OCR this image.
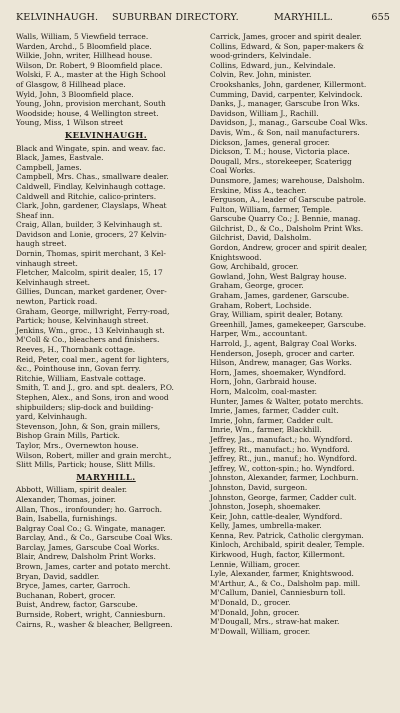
KELVINHAUGH. SUBURBAN DIRECTORY.	MARYHILL.	655

Walls, William, 5 Viewfield terrace.

Warden, Archd., 5 Bloomfield place.

Wilkie, John, writer, Hillhead house.

Wilson, Dr. Robert, 9 Bloomfield place.

Wolski, F. A., master at the High School

of Glasgow, 8 Hillhead place.

Wyld, John, 3 Bloomfield place.

Young, John, provision merchant, South

Woodside; house, 4 Wellington street.

Young, Miss, 1 Wilson street

KELVINHAUGH.

Black and Wingate, spin. and weav. fac.

Black, James, Eastvale.

Campbell, James.

Campbell, Mrs. Chas., smallware dealer.

Caldwell, Findlay, Kelvinhaugh cottage.

Caldwell and Ritchie, calico-printers.

Clark, John, gardener, Clayslaps, Wheat

Sheaf inn.

Craig, Allan, builder, 3 Kelvinhaugh st.

Davidson and Lonie, grocers, 27 Kelvin-

haugh street.

Dornin, Thomas, spirit merchant, 3 Kel-

vinhaugh street.

Fletcher, Malcolm, spirit dealer, 15, 17

Kelvinhaugh street.

Gillies, Duncan, market gardener, Over-

newton, Partick road.

Graham, George, millwright, Ferry-road,

Partick; house, Kelvinhaugh street.

Jenkins, Wm., groc., 13 Kelvinhaugh st.

M'Coll & Co., bleachers and finishers.

Reeves, H., Thornbank cottage.

Reid, Peter, coal mer., agent for lighters,

&c., Pointhouse inn, Govan ferry.

Ritchie, William, Eastvale cottage.

Smith, T. and J., gro. and spt. dealers, P.O.

Stephen, Alex., and Sons, iron and wood

shipbuilders; slip-dock and building-

yard, Kelvinhaugh.

Stevenson, John, & Son, grain millers,

Bishop Grain Mills, Partick.

Taylor, Mrs., Overnewton house.

Wilson, Robert, miller and grain mercht.,

Slitt Mills, Partick; house, Slitt Mills.

MARYHILL.

Abbott, William, spirit dealer.

Alexander, Thomas, joiner.

Allan, Thos., ironfounder; ho. Garroch.

Bain, Isabella, furnishings.

Balgray Coal Co.; G. Wingate, manager.

Barclay, And., & Co., Garscube Coal Wks.

Barclay, James, Garscube Coal Works.

Blair, Andrew, Dalsholm Print Works.

Brown, James, carter and potato mercht.

Bryan, David, saddler.

Bryce, James, carter, Garroch.

Buchanan, Robert, grocer.

Buist, Andrew, factor, Garscube.

Burnside, Robert, wright, Canniesburn.

Cairns, R., washer & bleacher, Bellgreen.

Carrick, James, grocer and spirit dealer.

Collins, Edward, & Son, paper-makers &

wood-grinders, Kelvindale.

Collins, Edward, jun., Kelvindale.

Colvin, Rev. John, minister.

Crookshanks, John, gardener, Killermont.

Cumming, David, carpenter, Kelvindock.

Danks, J., manager, Garscube Iron Wks.

Davidson, William J., Rachill.

Davidson, J., manag., Garscube Coal Wks.

Davis, Wm., & Son, nail manufacturers.

Dickson, James, general grocer.

Dickson, T. M.; house, Victoria place.

Dougall, Mrs., storekeeper, Scaterigg

Coal Works.

Dunsmore, James; warehouse, Dalsholm.

Erskine, Miss A., teacher.

Ferguson, A., leader of Garscube patrole.

Fulton, William, farmer, Temple.

Garscube Quarry Co.; J. Bennie, manag.

Gilchrist, D., & Co., Dalsholm Print Wks.

Gilchrist, David, Dalsholm.

Gordon, Andrew, grocer and spirit dealer,

Knightswood.

Gow, Archibald, grocer.

Gowland, John, West Balgray house.

Graham, George, grocer.

Graham, James, gardener, Garscube.

Graham, Robert, Lochside.

Gray, William, spirit dealer, Botany.

Greenhill, James, gamekeeper, Garscube.

Harper, Wm., accountant.

Harrold, J., agent, Balgray Coal Works.

Henderson, Joseph, grocer and carter.

Hilson, Andrew, manager, Gas Works.

Horn, James, shoemaker, Wyndford.

Horn, John, Garbraid house.

Horn, Malcolm, coal-master.

Hunter, James & Walter, potato merchts.

Imrie, James, farmer, Cadder cult.

Imrie, John, farmer, Cadder cult.

Imrie, Wm., farmer, Blackhill.

Jeffrey, Jas., manufact.; ho. Wyndford.

Jeffrey, Rt., manufact.; ho. Wyndford.

Jeffrey, Rt., jun., manuf.; ho. Wyndford.

Jeffrey, W., cotton-spin.; ho. Wyndford.

Johnston, Alexander, farmer, Lochburn.

Johnston, David, surgeon.

Johnston, George, farmer, Cadder cult.

Johnston, Joseph, shoemaker.

Keir, John, cattle-dealer, Wyndford.

Kelly, James, umbrella-maker.

Kenna, Rev. Patrick, Catholic clergyman.

Kinloch, Archibald, spirit dealer, Temple.

Kirkwood, Hugh, factor, Killermont.

Lennie, William, grocer.

Lyle, Alexander, farmer, Knightswood.

M'Arthur, A., & Co., Dalsholm pap. mill.

M'Callum, Daniel, Canniesburn toll.

M'Donald, D., grocer.

M'Donald, John, grocer.

M'Dougall, Mrs., straw-hat maker.

M'Dowall, William, grocer.
